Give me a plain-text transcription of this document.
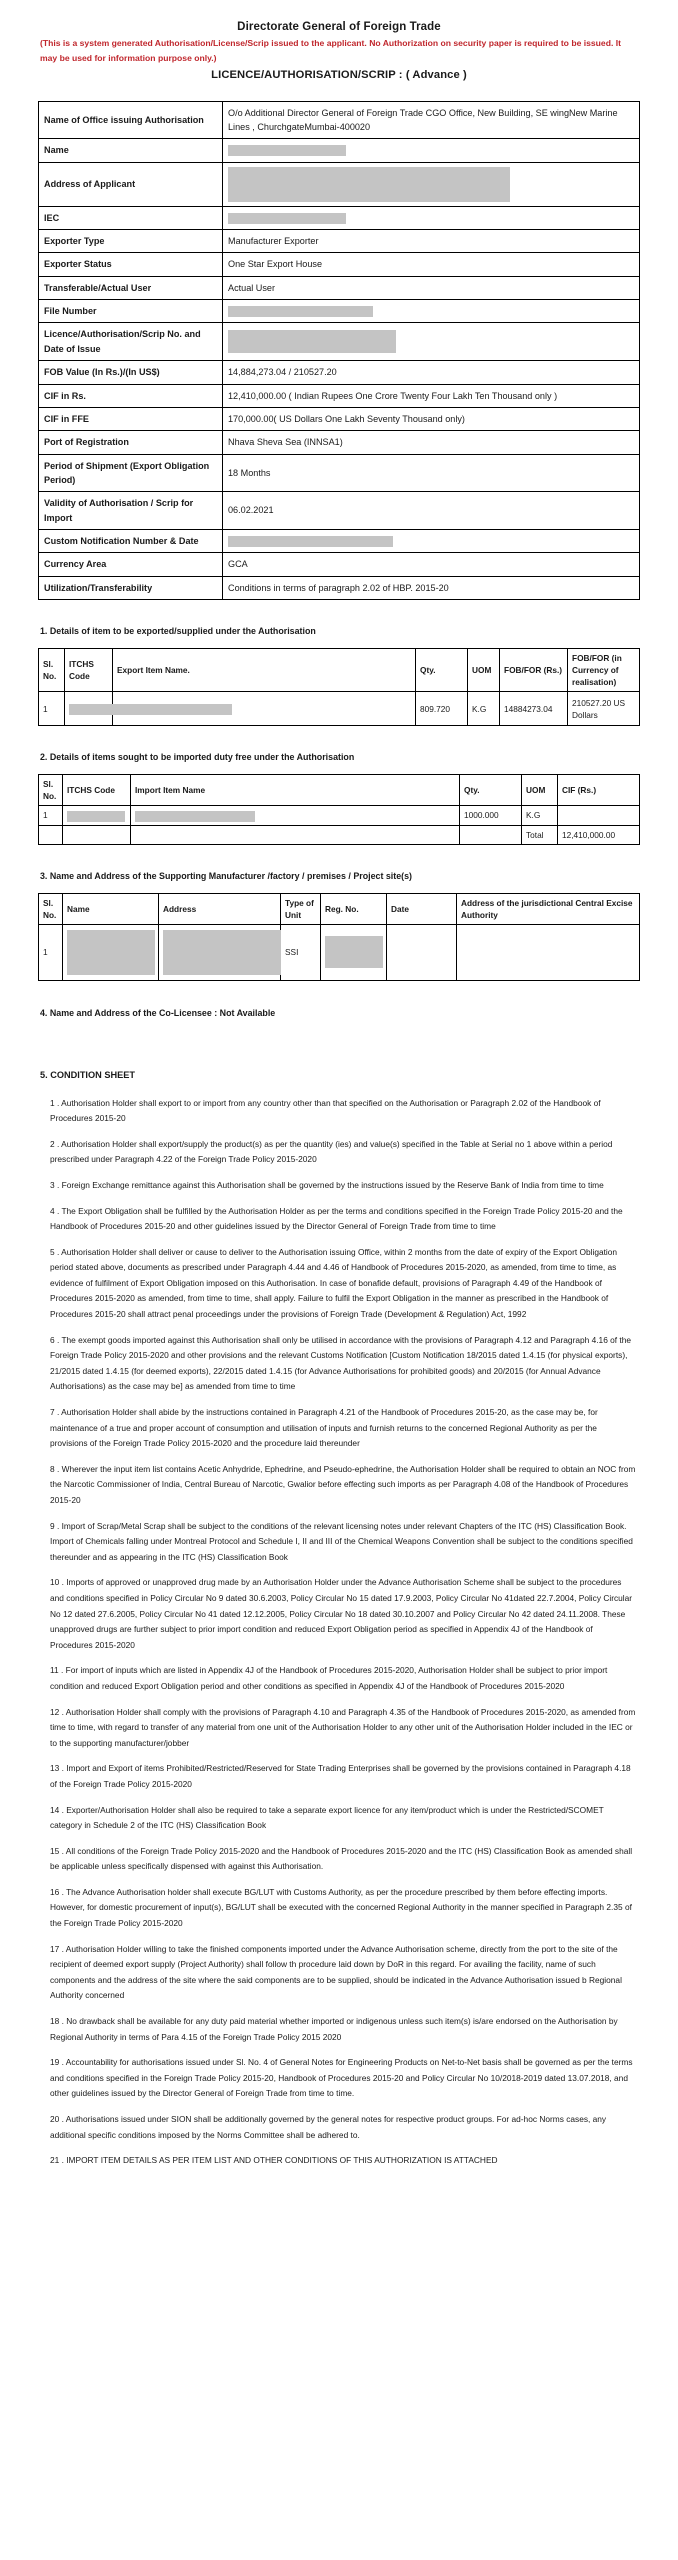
Directorate General of Foreign Trade
(This is a system generated Authorisation/License/Scrip issued to the applicant. No Authorization on security paper is required to be issued. It may be used for information purpose only.)
LICENCE/AUTHORISATION/SCRIP : ( Advance )
Name of Office issuing Authorisation	O/o Additional Director General of Foreign Trade CGO Office, New Building, SE wingNew Marine Lines , ChurchgateMumbai-400020
Name	
Address of Applicant	
IEC	
Exporter Type	Manufacturer Exporter
Exporter Status	One Star Export House
Transferable/Actual User	Actual User
File Number	
Licence/Authorisation/Scrip No. and Date of Issue	
FOB Value (In Rs.)/(In US$)	14,884,273.04 / 210527.20
CIF in Rs.	12,410,000.00 ( Indian Rupees One Crore Twenty Four Lakh Ten Thousand only )
CIF in FFE	170,000.00( US Dollars One Lakh Seventy Thousand only)
Port of Registration	Nhava Sheva Sea (INNSA1)
Period of Shipment (Export Obligation Period)	18 Months
Validity of Authorisation / Scrip for Import	06.02.2021
Custom Notification Number & Date	
Currency Area	GCA
Utilization/Transferability	Conditions in terms of paragraph 2.02 of HBP. 2015-20
1. Details of item to be exported/supplied under the Authorisation
Sl. No.	ITCHS Code	Export Item Name.	Qty.	UOM	FOB/FOR (Rs.)	FOB/FOR (in Currency of realisation)
1			809.720	K.G	14884273.04	210527.20 US Dollars
2. Details of items sought to be imported duty free under the Authorisation
Sl. No.	ITCHS Code	Import Item Name	Qty.	UOM	CIF (Rs.)
1			1000.000	K.G	
				Total	12,410,000.00
3. Name and Address of the Supporting Manufacturer /factory / premises / Project site(s)
Sl. No.	Name	Address	Type of Unit	Reg. No.	Date	Address of the jurisdictional Central Excise Authority
1			SSI			
4. Name and Address of the Co-Licensee : Not Available
5. CONDITION SHEET
1 . Authorisation Holder shall export to or import from any country other than that specified on the Authorisation or Paragraph 2.02 of the Handbook of Procedures 2015-20
2 . Authorisation Holder shall export/supply the product(s) as per the quantity (ies) and value(s) specified in the Table at Serial no 1 above within a period prescribed under Paragraph 4.22 of the Foreign Trade Policy 2015-2020
3 . Foreign Exchange remittance against this Authorisation shall be governed by the instructions issued by the Reserve Bank of India from time to time
4 . The Export Obligation shall be fulfilled by the Authorisation Holder as per the terms and conditions specified in the Foreign Trade Policy 2015-20 and the Handbook of Procedures 2015-20 and other guidelines issued by the Director General of Foreign Trade from time to time
5 . Authorisation Holder shall deliver or cause to deliver to the Authorisation issuing Office, within 2 months from the date of expiry of the Export Obligation period stated above, documents as prescribed under Paragraph 4.44 and 4.46 of Handbook of Procedures 2015-2020, as amended, from time to time, as evidence of fulfilment of Export Obligation imposed on this Authorisation. In case of bonafide default, provisions of Paragraph 4.49 of the Handbook of Procedures 2015-2020 as amended, from time to time, shall apply. Failure to fulfil the Export Obligation in the manner as prescribed in the Handbook of Procedures 2015-20 shall attract penal proceedings under the provisions of Foreign Trade (Development & Regulation) Act, 1992
6 . The exempt goods imported against this Authorisation shall only be utilised in accordance with the provisions of Paragraph 4.12 and Paragraph 4.16 of the Foreign Trade Policy 2015-2020 and other provisions and the relevant Customs Notification [Custom Notification 18/2015 dated 1.4.15 (for physical exports), 21/2015 dated 1.4.15 (for deemed exports), 22/2015 dated 1.4.15 (for Advance Authorisations for prohibited goods) and 20/2015 (for Annual Advance Authorisations) as the case may be] as amended from time to time
7 . Authorisation Holder shall abide by the instructions contained in Paragraph 4.21 of the Handbook of Procedures 2015-20, as the case may be, for maintenance of a true and proper account of consumption and utilisation of inputs and furnish returns to the concerned Regional Authority as per the provisions of the Foreign Trade Policy 2015-2020 and the procedure laid thereunder
8 . Wherever the input item list contains Acetic Anhydride, Ephedrine, and Pseudo-ephedrine, the Authorisation Holder shall be required to obtain an NOC from the Narcotic Commissioner of India, Central Bureau of Narcotic, Gwalior before effecting such imports as per Paragraph 4.08 of the Handbook of Procedures 2015-20
9 . Import of Scrap/Metal Scrap shall be subject to the conditions of the relevant licensing notes under relevant Chapters of the ITC (HS) Classification Book. Import of Chemicals falling under Montreal Protocol and Schedule I, II and III of the Chemical Weapons Convention shall be subject to the conditions specified thereunder and as appearing in the ITC (HS) Classification Book
10 . Imports of approved or unapproved drug made by an Authorisation Holder under the Advance Authorisation Scheme shall be subject to the procedures and conditions specified in Policy Circular No 9 dated 30.6.2003, Policy Circular No 15 dated 17.9.2003, Policy Circular No 41dated 22.7.2004, Policy Circular No 12 dated 27.6.2005, Policy Circular No 41 dated 12.12.2005, Policy Circular No 18 dated 30.10.2007 and Policy Circular No 42 dated 24.11.2008. These unapproved drugs are further subject to prior import condition and reduced Export Obligation period as specified in Appendix 4J of the Handbook of Procedures 2015-2020
11 . For import of inputs which are listed in Appendix 4J of the Handbook of Procedures 2015-2020, Authorisation Holder shall be subject to prior import condition and reduced Export Obligation period and other conditions as specified in Appendix 4J of the Handbook of Procedures 2015-2020
12 . Authorisation Holder shall comply with the provisions of Paragraph 4.10 and Paragraph 4.35 of the Handbook of Procedures 2015-2020, as amended from time to time, with regard to transfer of any material from one unit of the Authorisation Holder to any other unit of the Authorisation Holder included in the IEC or to the supporting manufacturer/jobber
13 . Import and Export of items Prohibited/Restricted/Reserved for State Trading Enterprises shall be governed by the provisions contained in Paragraph 4.18 of the Foreign Trade Policy 2015-2020
14 . Exporter/Authorisation Holder shall also be required to take a separate export licence for any item/product which is under the Restricted/SCOMET category in Schedule 2 of the ITC (HS) Classification Book
15 . All conditions of the Foreign Trade Policy 2015-2020 and the Handbook of Procedures 2015-2020 and the ITC (HS) Classification Book as amended shall be applicable unless specifically dispensed with against this Authorisation.
16 . The Advance Authorisation holder shall execute BG/LUT with Customs Authority, as per the procedure prescribed by them before effecting imports. However, for domestic procurement of input(s), BG/LUT shall be executed with the concerned Regional Authority in the manner specified in Paragraph 2.35 of the Foreign Trade Policy 2015-2020
17 . Authorisation Holder willing to take the finished components imported under the Advance Authorisation scheme, directly from the port to the site of the recipient of deemed export supply (Project Authority) shall follow th procedure laid down by DoR in this regard. For availing the facility, name of such components and the address of the site where the said components are to be supplied, should be indicated in the Advance Authorisation issued b Regional Authority concerned
18 . No drawback shall be available for any duty paid material whether imported or indigenous unless such item(s) is/are endorsed on the Authorisation by Regional Authority in terms of Para 4.15 of the Foreign Trade Policy 2015 2020
19 . Accountability for authorisations issued under Sl. No. 4 of General Notes for Engineering Products on Net-to-Net basis shall be governed as per the terms and conditions specified in the Foreign Trade Policy 2015-20, Handbook of Procedures 2015-20 and Policy Circular No 10/2018-2019 dated 13.07.2018, and other guidelines issued by the Director General of Foreign Trade from time to time.
20 . Authorisations issued under SION shall be additionally governed by the general notes for respective product groups. For ad-hoc Norms cases, any additional specific conditions imposed by the Norms Committee shall be adhered to.
21 . IMPORT ITEM DETAILS AS PER ITEM LIST AND OTHER CONDITIONS OF THIS AUTHORIZATION IS ATTACHED
